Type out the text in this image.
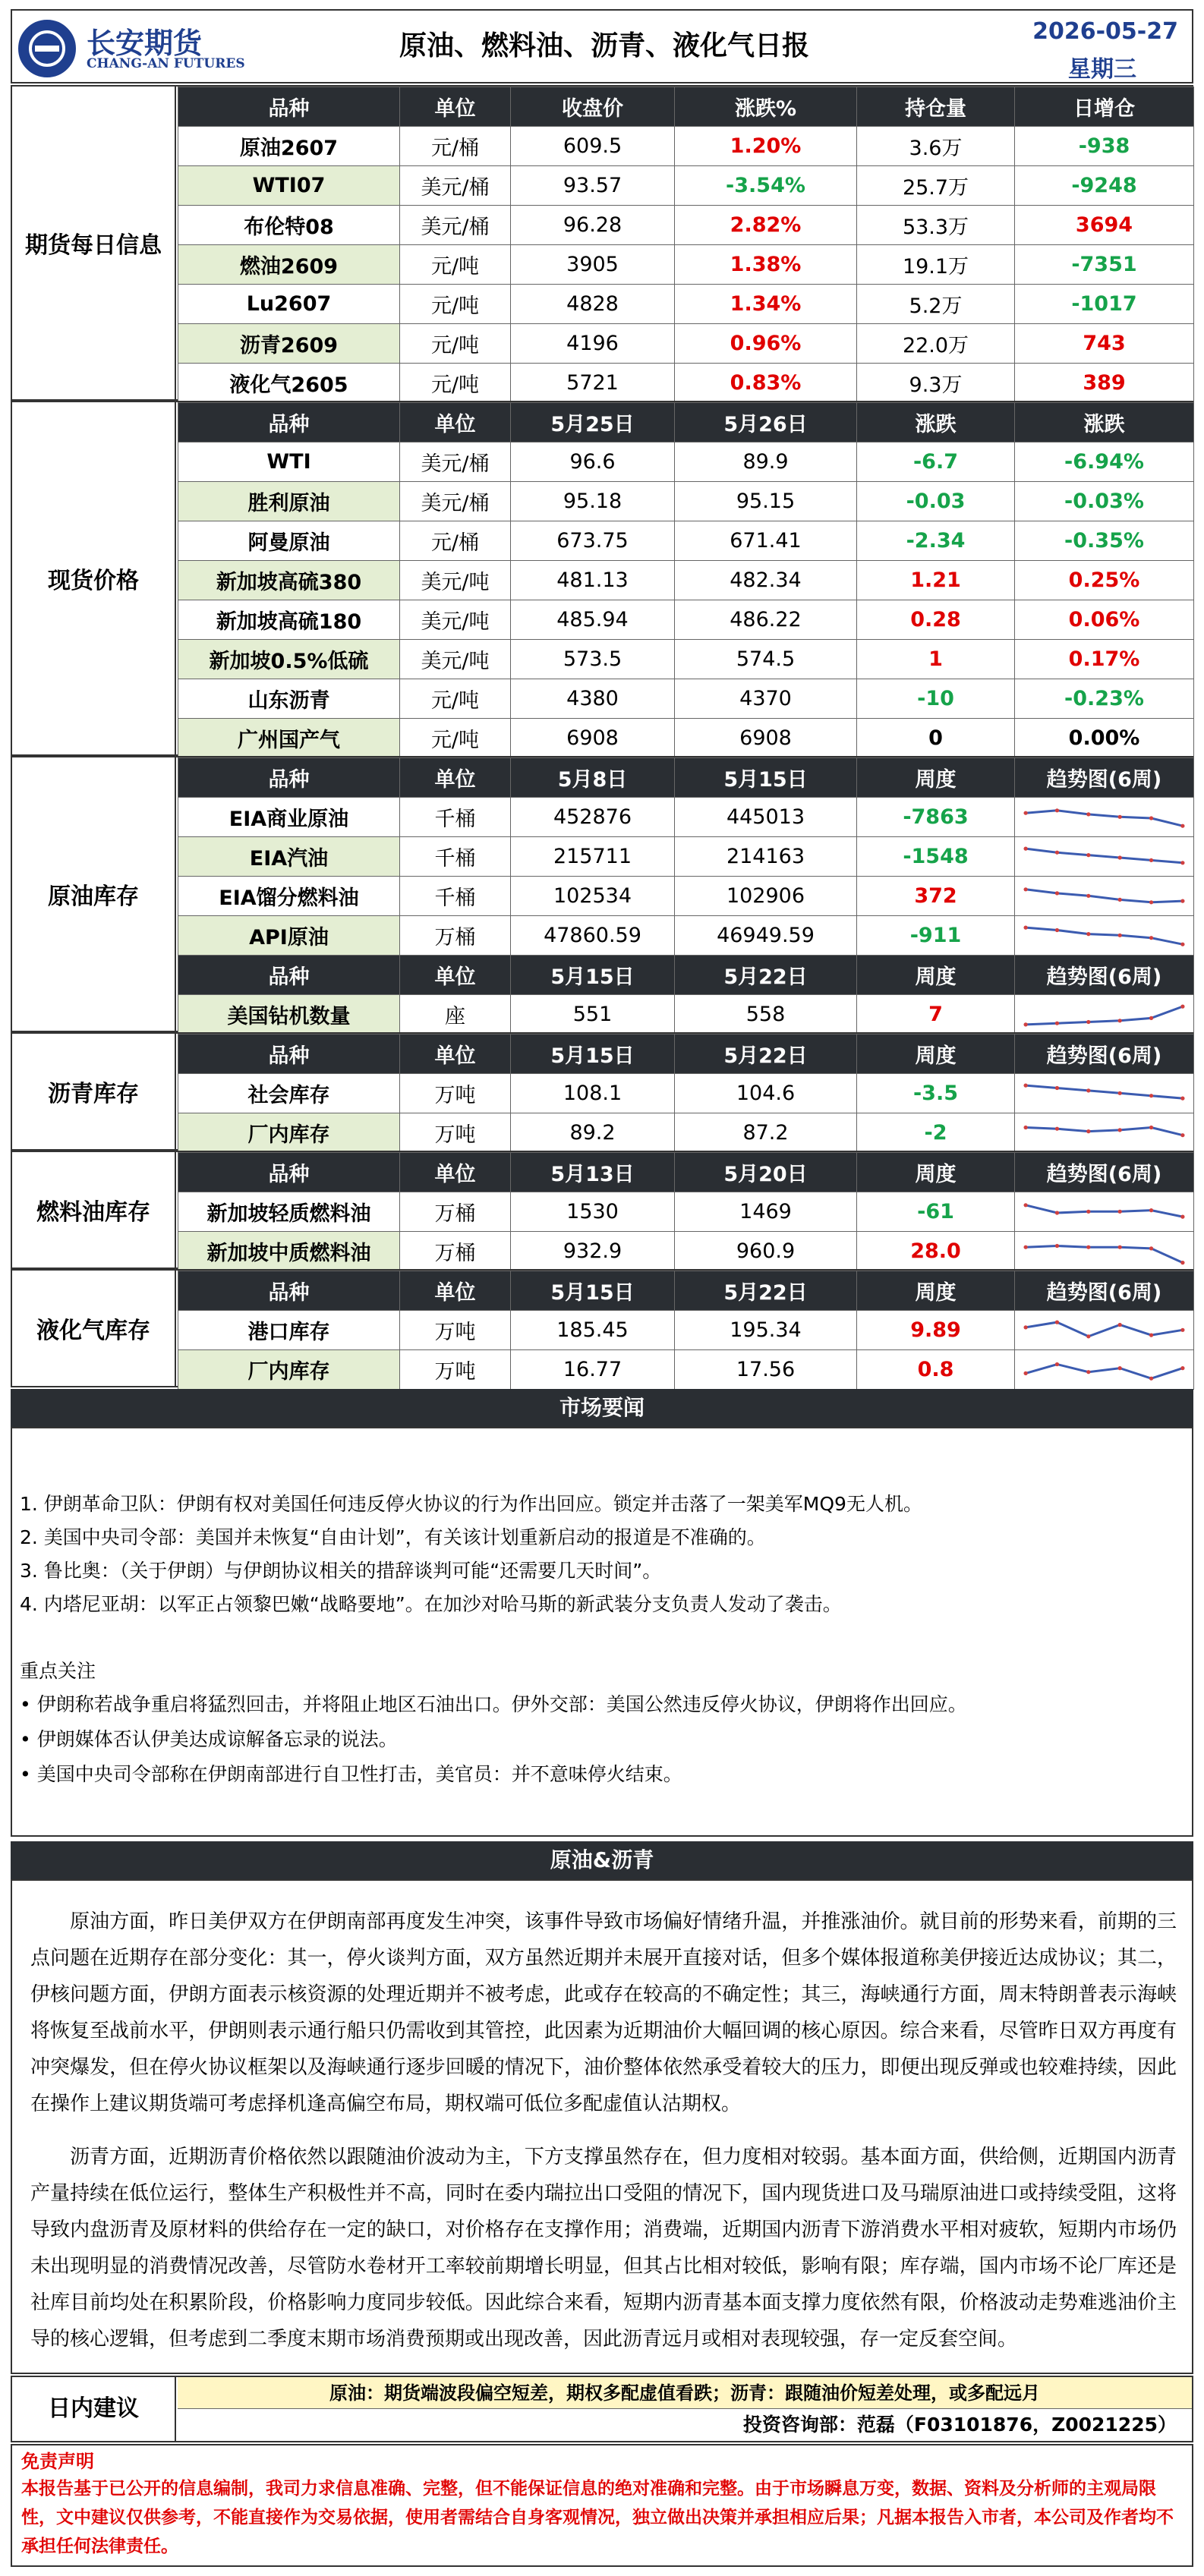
长安期货
CHANG-AN FUTURES
原油、燃料油、沥青、液化气日报	2026-05-27
星期三
期货每日信息
品种	单位	收盘价	涨跌%	持仓量	日增仓
原油2607	元/桶	609.5	1.20%	3.6万	-938
WTI07	美元/桶	93.57	-3.54%	25.7万	-9248
布伦特08	美元/桶	96.28	2.82%	53.3万	3694
燃油2609	元/吨	3905	1.38%	19.1万	-7351
Lu2607	元/吨	4828	1.34%	5.2万	-1017
沥青2609	元/吨	4196	0.96%	22.0万	743
液化气2605	元/吨	5721	0.83%	9.3万	389
现货价格
品种	单位	5月25日	5月26日	涨跌	涨跌
WTI	美元/桶	96.6	89.9	-6.7	-6.94%
胜利原油	美元/桶	95.18	95.15	-0.03	-0.03%
阿曼原油	元/桶	673.75	671.41	-2.34	-0.35%
新加坡高硫380	美元/吨	481.13	482.34	1.21	0.25%
新加坡高硫180	美元/吨	485.94	486.22	0.28	0.06%
新加坡0.5%低硫	美元/吨	573.5	574.5	1	0.17%
山东沥青	元/吨	4380	4370	-10	-0.23%
广州国产气	元/吨	6908	6908	0	0.00%
原油库存
品种	单位	5月8日	5月15日	周度	趋势图(6周)
EIA商业原油	千桶	452876	445013	-7863	

EIA汽油	千桶	215711	214163	-1548	

EIA馏分燃料油	千桶	102534	102906	372	

API原油	万桶	47860.59	46949.59	-911	

品种	单位	5月15日	5月22日	周度	趋势图(6周)
美国钻机数量	座	551	558	7	
沥青库存
品种	单位	5月15日	5月22日	周度	趋势图(6周)
社会库存	万吨	108.1	104.6	-3.5	

厂内库存	万吨	89.2	87.2	-2	
燃料油库存
品种	单位	5月13日	5月20日	周度	趋势图(6周)
新加坡轻质燃料油	万桶	1530	1469	-61	

新加坡中质燃料油	万桶	932.9	960.9	28.0	
液化气库存
品种	单位	5月15日	5月22日	周度	趋势图(6周)
港口库存	万吨	185.45	195.34	9.89	

厂内库存	万吨	16.77	17.56	0.8	
市场要闻
1. 伊朗革命卫队：伊朗有权对美国任何违反停火协议的行为作出回应。锁定并击落了一架美军MQ9无人机。
2. 美国中央司令部：美国并未恢复“自由计划”，有关该计划重新启动的报道是不准确的。
3. 鲁比奥：（关于伊朗）与伊朗协议相关的措辞谈判可能“还需要几天时间”。
4. 内塔尼亚胡：以军正占领黎巴嫩“战略要地”。在加沙对哈马斯的新武装分支负责人发动了袭击。
重点关注
• 伊朗称若战争重启将猛烈回击，并将阻止地区石油出口。伊外交部：美国公然违反停火协议，伊朗将作出回应。
• 伊朗媒体否认伊美达成谅解备忘录的说法。
• 美国中央司令部称在伊朗南部进行自卫性打击，美官员：并不意味停火结束。
原油&沥青

原油方面，昨日美伊双方在伊朗南部再度发生冲突，该事件导致市场偏好情绪升温，并推涨油价。就目前的形势来看，前期的三点问题在近期存在部分变化：其一，停火谈判方面，双方虽然近期并未展开直接对话，但多个媒体报道称美伊接近达成协议；其二，伊核问题方面，伊朗方面表示核资源的处理近期并不被考虑，此或存在较高的不确定性；其三，海峡通行方面，周末特朗普表示海峡将恢复至战前水平，伊朗则表示通行船只仍需收到其管控，此因素为近期油价大幅回调的核心原因。综合来看，尽管昨日双方再度有冲突爆发，但在停火协议框架以及海峡通行逐步回暖的情况下，油价整体依然承受着较大的压力，即便出现反弹或也较难持续，因此在操作上建议期货端可考虑择机逢高偏空布局，期权端可低位多配虚值认沽期权。

沥青方面，近期沥青价格依然以跟随油价波动为主，下方支撑虽然存在，但力度相对较弱。基本面方面，供给侧，近期国内沥青产量持续在低位运行，整体生产积极性并不高，同时在委内瑞拉出口受阻的情况下，国内现货进口及马瑞原油进口或持续受阻，这将导致内盘沥青及原材料的供给存在一定的缺口，对价格存在支撑作用；消费端，近期国内沥青下游消费水平相对疲软，短期内市场仍未出现明显的消费情况改善，尽管防水卷材开工率较前期增长明显，但其占比相对较低，影响有限；库存端，国内市场不论厂库还是社库目前均处在积累阶段，价格影响力度同步较低。因此综合来看，短期内沥青基本面支撑力度依然有限，价格波动走势难逃油价主导的核心逻辑，但考虑到二季度末期市场消费预期或出现改善，因此沥青远月或相对表现较强，存一定反套空间。

日内建议
原油：期货端波段偏空短差，期权多配虚值看跌；沥青：跟随油价短差处理，或多配远月
投资咨询部：范磊（F03101876，Z0021225）
免责声明
本报告基于已公开的信息编制，我司力求信息准确、完整，但不能保证信息的绝对准确和完整。由于市场瞬息万变，数据、资料及分析师的主观局限性，文中建议仅供参考，不能直接作为交易依据，使用者需结合自身客观情况，独立做出决策并承担相应后果；凡据本报告入市者，本公司及作者均不承担任何法律责任。
